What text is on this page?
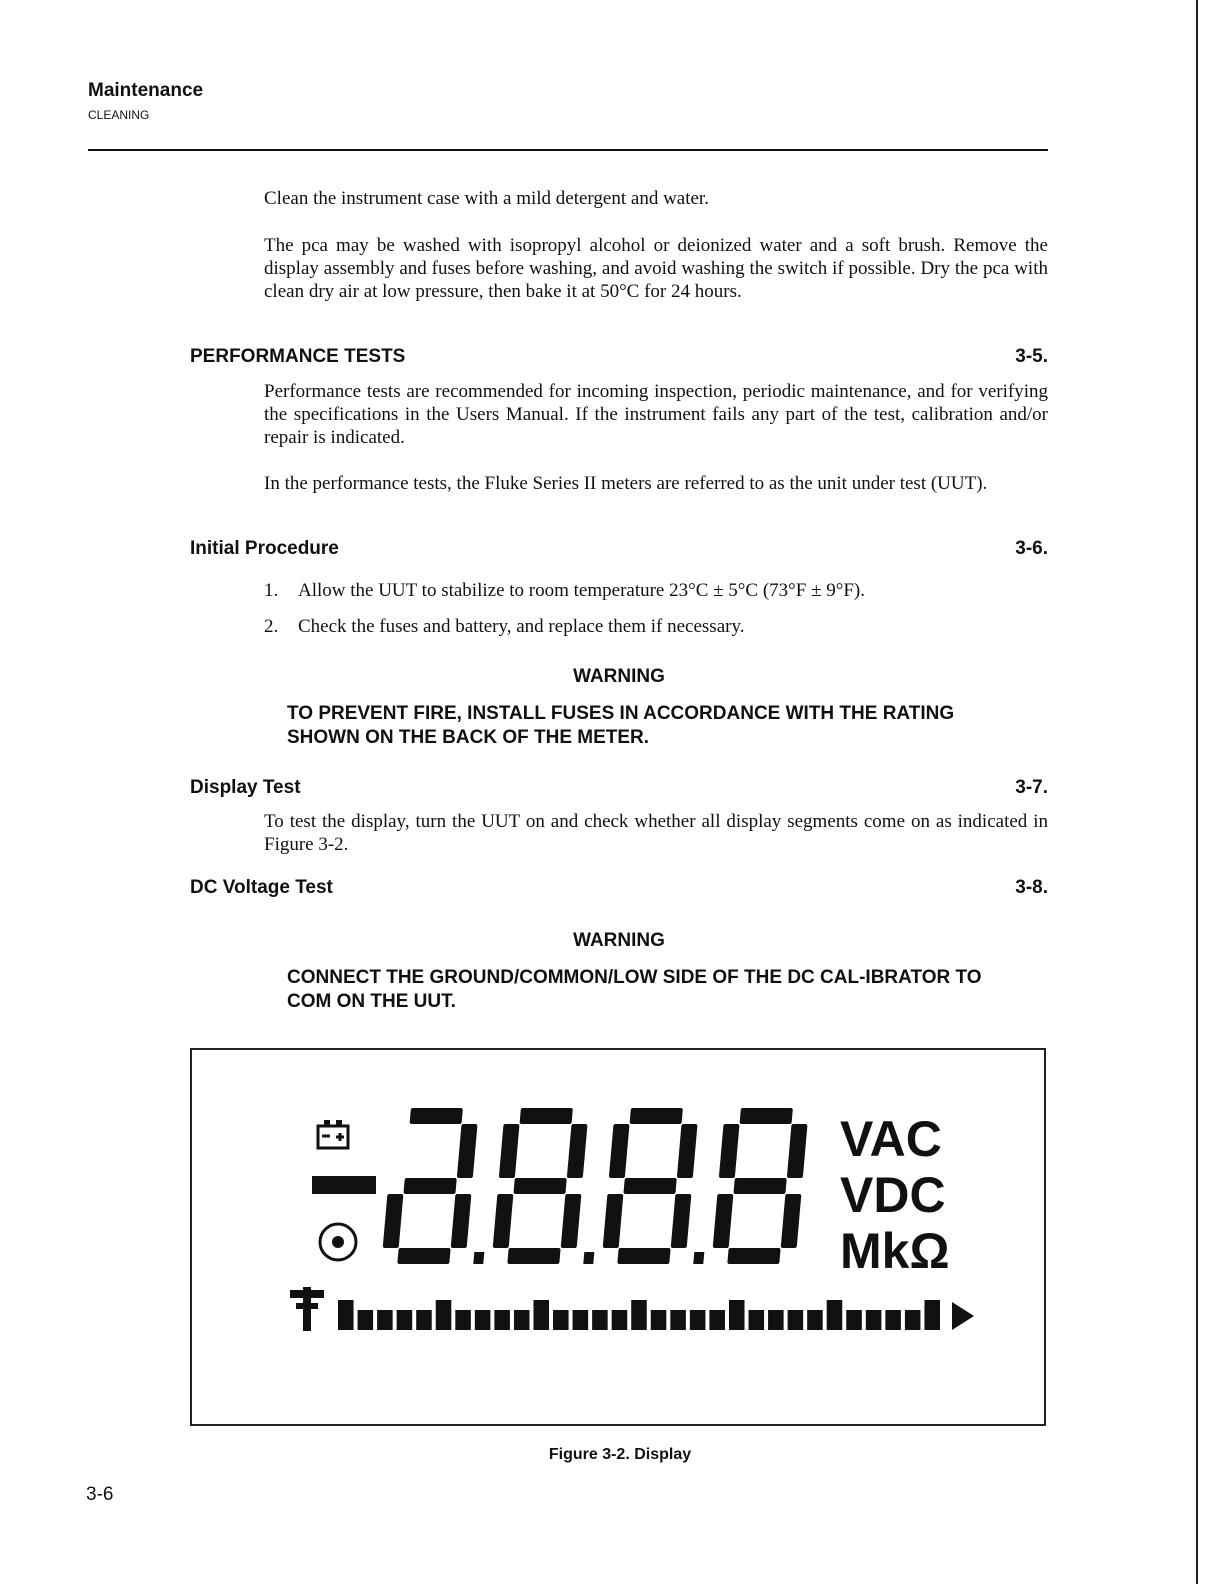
Maintenance
CLEANING
Clean the instrument case with a mild detergent and water.
The pca may be washed with isopropyl alcohol or deionized water and a soft brush. Remove the display assembly and fuses before washing, and avoid washing the switch if possible. Dry the pca with clean dry air at low pressure, then bake it at 50°C for 24 hours.
PERFORMANCE TESTS	3-5.
Performance tests are recommended for incoming inspection, periodic maintenance, and for verifying the specifications in the Users Manual. If the instrument fails any part of the test, calibration and/or repair is indicated.
In the performance tests, the Fluke Series II meters are referred to as the unit under test (UUT).
Initial Procedure	3-6.
1.	Allow the UUT to stabilize to room temperature 23°C ± 5°C (73°F ± 9°F).
2.	Check the fuses and battery, and replace them if necessary.
WARNING
TO PREVENT FIRE, INSTALL FUSES IN ACCORDANCE WITH THE RATING SHOWN ON THE BACK OF THE METER.
Display Test	3-7.
To test the display, turn the UUT on and check whether all display segments come on as indicated in Figure 3-2.
DC Voltage Test	3-8.
WARNING
CONNECT THE GROUND/COMMON/LOW SIDE OF THE DC CAL-IBRATOR TO COM ON THE UUT.
VAC
VDC
MkΩ
Figure 3-2. Display
3-6
